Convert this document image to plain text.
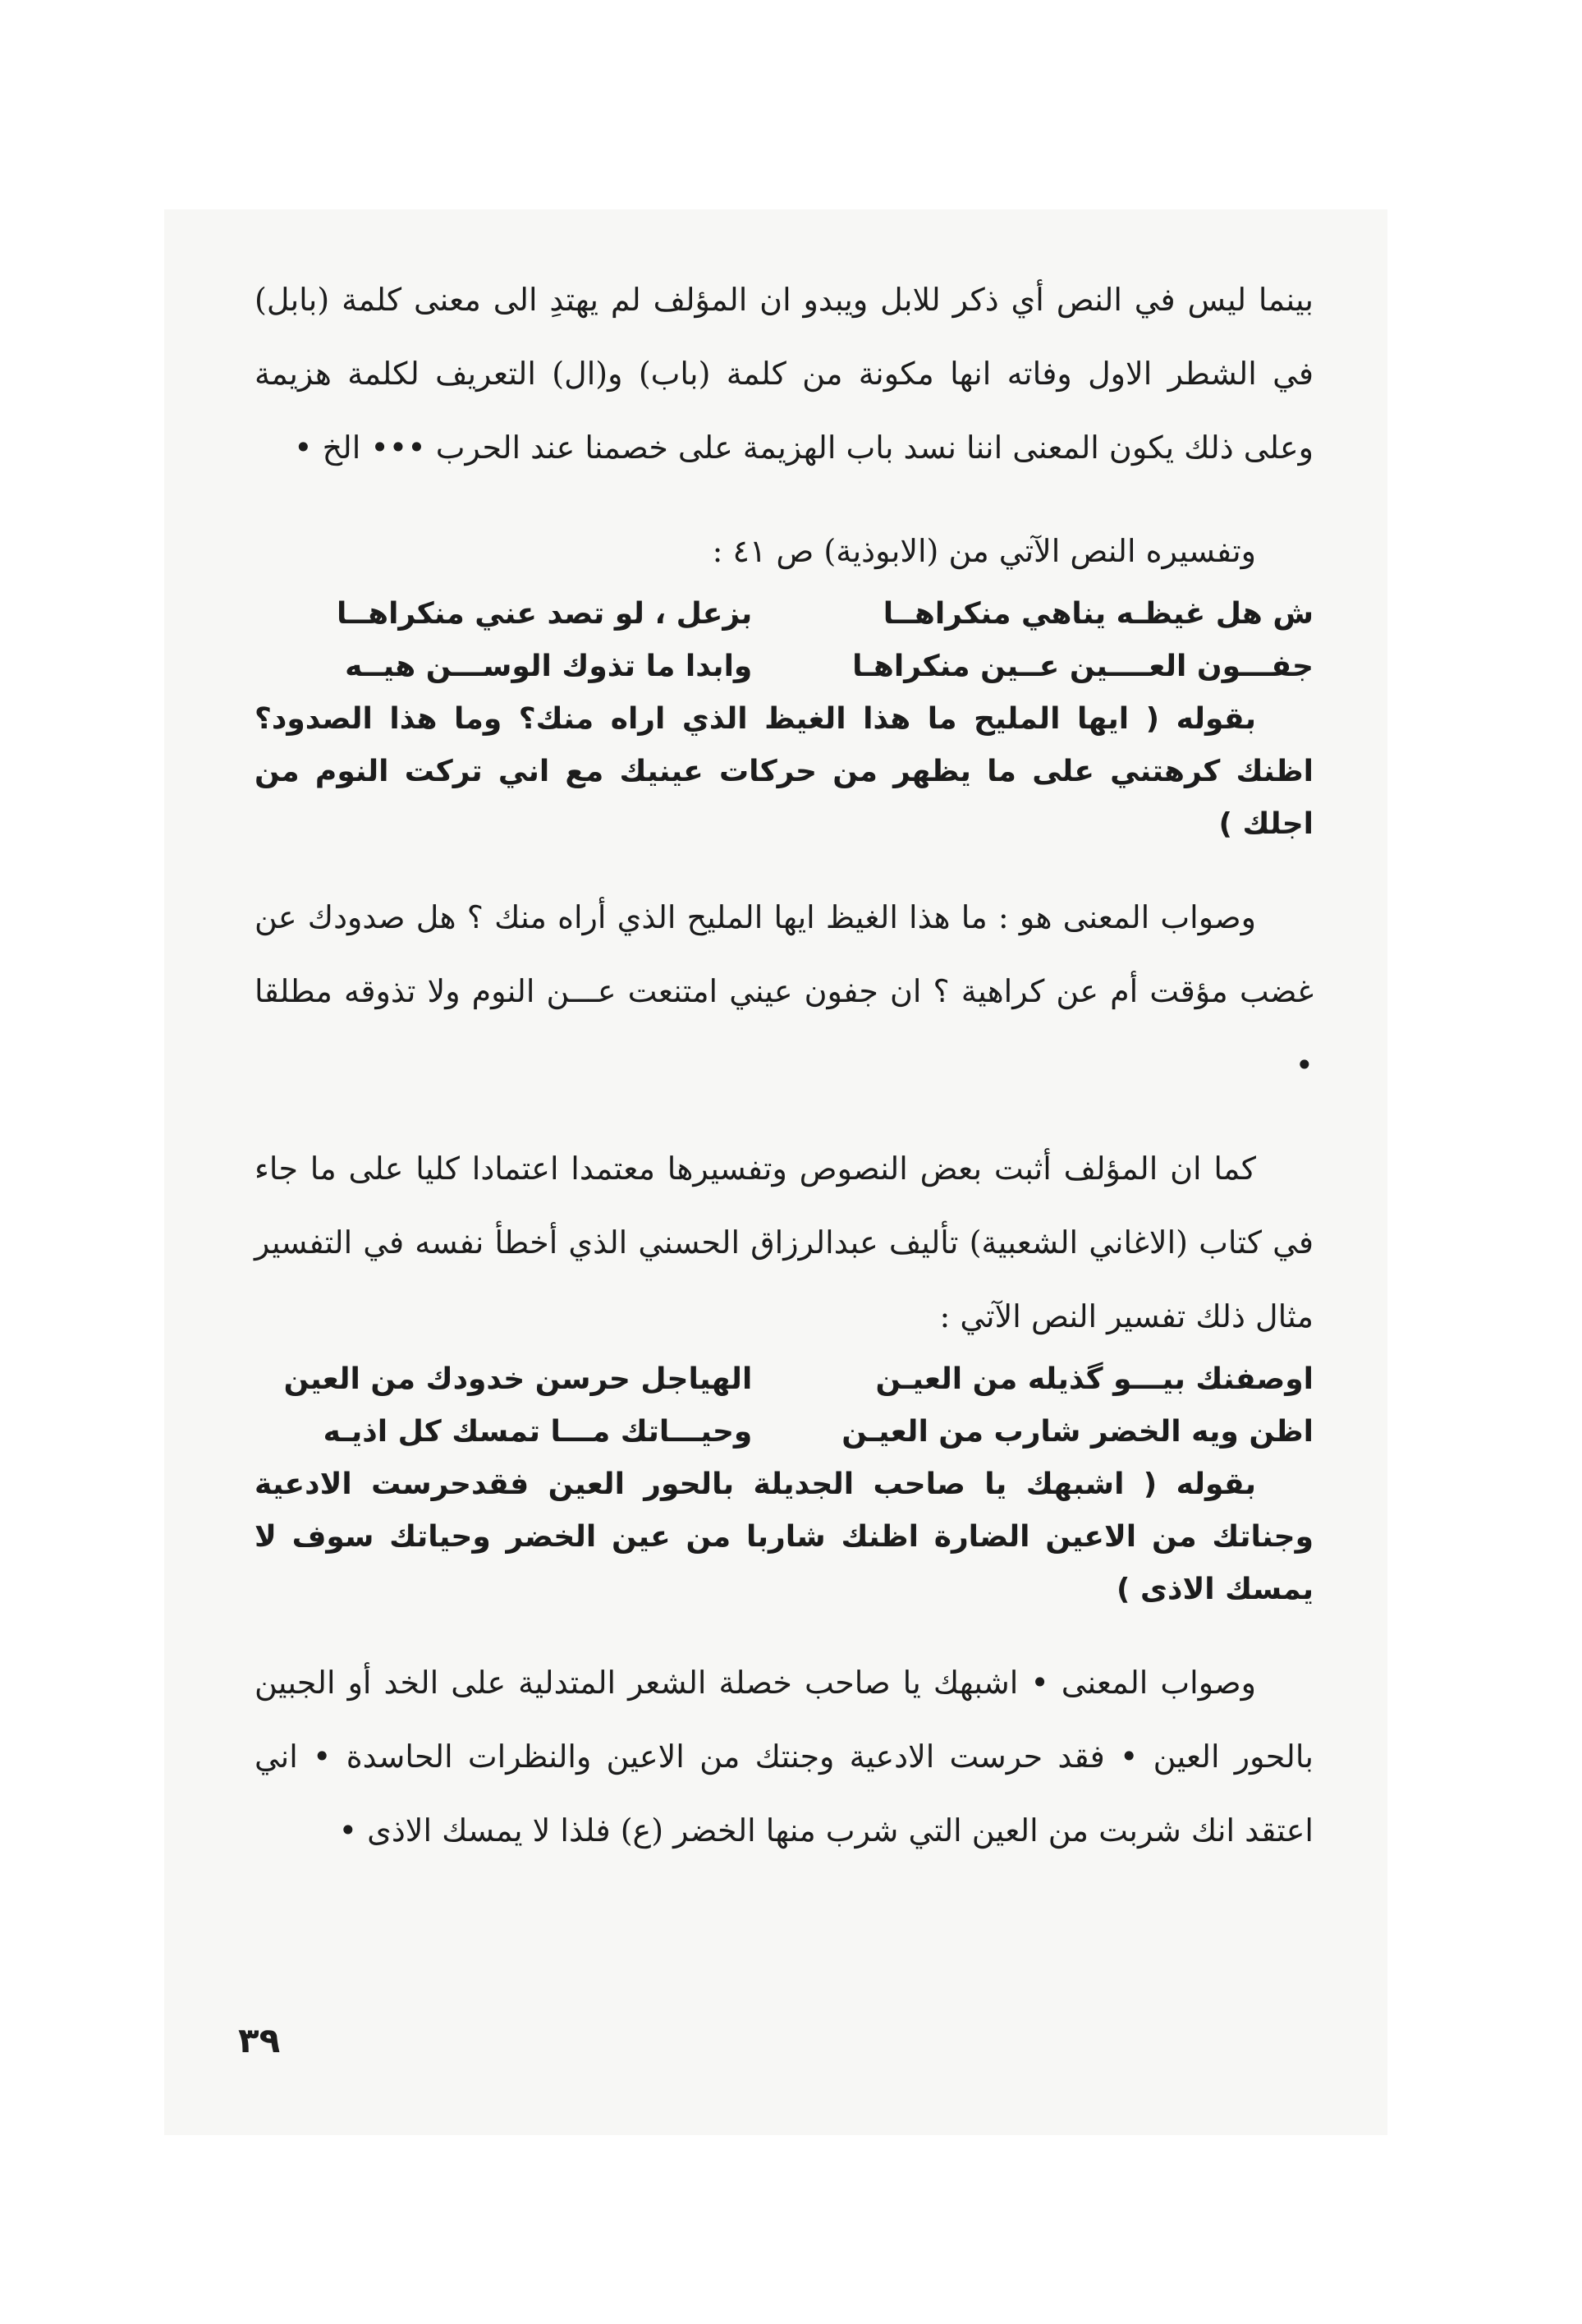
بينما ليس في النص أي ذكر للابل ويبدو ان المؤلف لم يهتدِ الى معنى كلمة (بابل) في الشطر الاول وفاته انها مكونة من كلمة (باب) و(ال) التعريف لكلمة هزيمة وعلى ذلك يكون المعنى اننا نسد باب الهزيمة على خصمنا عند الحرب ••• الخ •

وتفسيره النص الآتي من (الابوذية) ص ٤١ :

ش هل غيظـه يناهي منكراهــا
بزعل ، لو تصد عني منكراهــا
جفـــون العــــين عــين منكراهـا
وابدا ما تذوك الوســـن هيــه

بقوله ( ايها المليح ما هذا الغيظ الذي اراه منك؟ وما هذا الصدود؟ اظنك كرهتني على ما يظهر من حركات عينيك مع اني تركت النوم من اجلك )

وصواب المعنى هو : ما هذا الغيظ ايها المليح الذي أراه منك ؟ هل صدودك عن غضب مؤقت أم عن كراهية ؟ ان جفون عيني امتنعت عـــن النوم ولا تذوقه مطلقا •

كما ان المؤلف أثبت بعض النصوص وتفسيرها معتمدا اعتمادا كليا على ما جاء في كتاب (الاغاني الشعبية) تأليف عبدالرزاق الحسني الذي أخطأ نفسه في التفسير مثال ذلك تفسير النص الآتي :

اوصفنك بيـــو گذيله من العيـن
الهياجل حرسن خدودك من العين
اظن ويه الخضر شارب من العيـن
وحيـــاتك مـــا تمسك كل اذيـه

بقوله ( اشبهك يا صاحب الجديلة بالحور العين فقدحرست الادعية وجناتك من الاعين الضارة اظنك شاربا من عين الخضر وحياتك سوف لا يمسك الاذى )

وصواب المعنى • اشبهك يا صاحب خصلة الشعر المتدلية على الخد أو الجبين بالحور العين • فقد حرست الادعية وجنتك من الاعين والنظرات الحاسدة • اني اعتقد انك شربت من العين التي شرب منها الخضر (ع) فلذا لا يمسك الاذى •

٣٩
